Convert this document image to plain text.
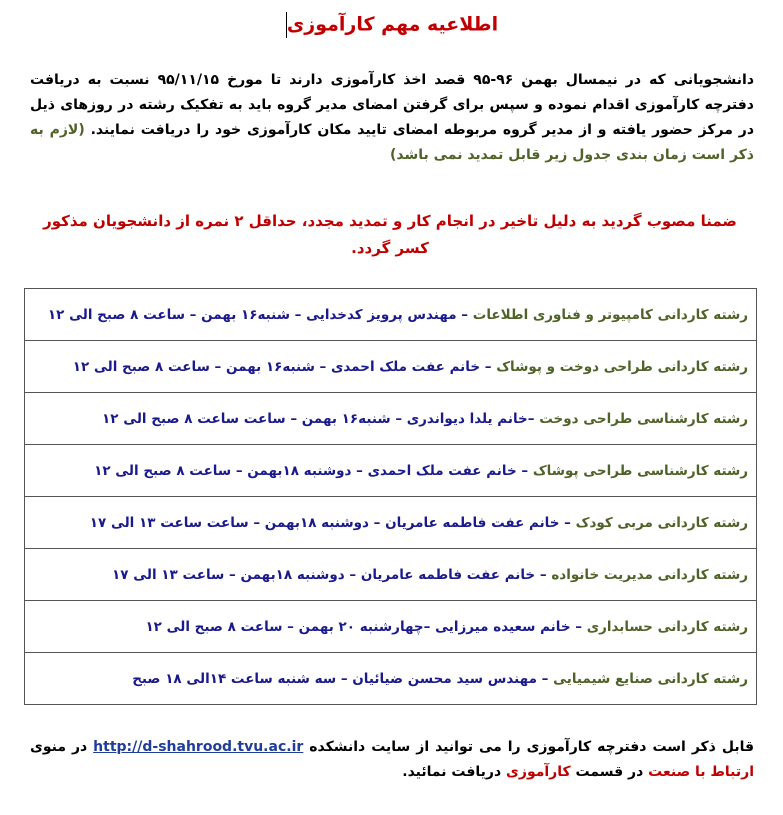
اطلاعیه مهم کارآموزی
دانشجویانی که در نیمسال بهمن ۹۶-۹۵ قصد اخذ کارآموزی دارند تا مورخ ۹۵/۱۱/۱۵ نسبت به دریافت دفترچه کارآموزی اقدام نموده و سپس برای گرفتن امضای مدیر گروه باید به تفکیک رشته در روزهای ذیل در مرکز حضور یافته و از مدیر گروه مربوطه امضای تایید مکان کارآموزی خود را دریافت نمایند. (لازم به ذکر است زمان بندی جدول زیر قابل تمدید نمی باشد)
ضمنا مصوب گردید به دلیل تاخیر در انجام کار و تمدید مجدد، حداقل ۲ نمره از دانشجویان مذکور کسر گردد.
رشته کاردانی کامپیوتر و فناوری اطلاعات – مهندس پرویز کدخدایی – شنبه۱۶ بهمن – ساعت ۸ صبح الی ۱۲
رشته کاردانی طراحی دوخت و پوشاک – خانم عفت ملک احمدی – شنبه۱۶ بهمن – ساعت ۸ صبح الی ۱۲
رشته کارشناسی طراحی دوخت –خانم یلدا دیواندری – شنبه۱۶ بهمن – ساعت ساعت ۸ صبح الی ۱۲
رشته کارشناسی طراحی پوشاک – خانم عفت ملک احمدی – دوشنبه ۱۸بهمن – ساعت ۸ صبح الی ۱۲
رشته کاردانی مربی کودک – خانم عفت فاطمه عامریان – دوشنبه ۱۸بهمن – ساعت ساعت ۱۳ الی ۱۷
رشته کاردانی مدیریت خانواده – خانم عفت فاطمه عامریان – دوشنبه ۱۸بهمن – ساعت ۱۳ الی ۱۷
رشته کاردانی حسابداری – خانم سعیده میرزایی –چهارشنبه ۲۰ بهمن – ساعت ۸ صبح الی ۱۲
رشته کاردانی صنایع شیمیایی – مهندس سید محسن ضیائیان – سه شنبه ساعت ۱۴الی ۱۸ صبح
قابل ذکر است دفترچه کارآموزی را می توانید از سایت دانشکده http://d-shahrood.tvu.ac.ir در منوی ارتباط با صنعت در قسمت کارآموزی دریافت نمائید.
